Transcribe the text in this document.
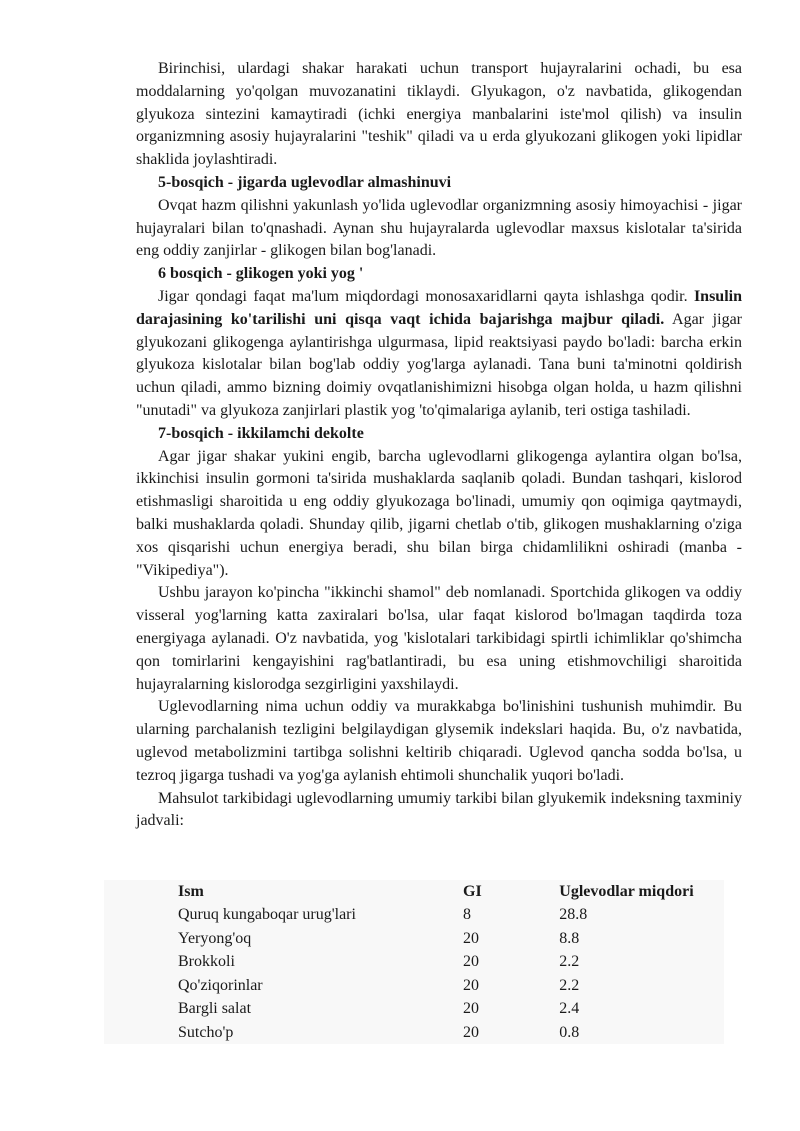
Birinchisi, ulardagi shakar harakati uchun transport hujayralarini ochadi, bu esa moddalarning yo'qolgan muvozanatini tiklaydi. Glyukagon, o'z navbatida, glikogendan glyukoza sintezini kamaytiradi (ichki energiya manbalarini iste'mol qilish) va insulin organizmning asosiy hujayralarini "teshik" qiladi va u erda glyukozani glikogen yoki lipidlar shaklida joylashtiradi.

5-bosqich - jigarda uglevodlar almashinuvi

Ovqat hazm qilishni yakunlash yo'lida uglevodlar organizmning asosiy himoyachisi - jigar hujayralari bilan to'qnashadi. Aynan shu hujayralarda uglevodlar maxsus kislotalar ta'sirida eng oddiy zanjirlar - glikogen bilan bog'lanadi.

6 bosqich - glikogen yoki yog '

Jigar qondagi faqat ma'lum miqdordagi monosaxaridlarni qayta ishlashga qodir. Insulin darajasining ko'tarilishi uni qisqa vaqt ichida bajarishga majbur qiladi. Agar jigar glyukozani glikogenga aylantirishga ulgurmasa, lipid reaktsiyasi paydo bo'ladi: barcha erkin glyukoza kislotalar bilan bog'lab oddiy yog'larga aylanadi. Tana buni ta'minotni qoldirish uchun qiladi, ammo bizning doimiy ovqatlanishimizni hisobga olgan holda, u hazm qilishni "unutadi" va glyukoza zanjirlari plastik yog 'to'qimalariga aylanib, teri ostiga tashiladi.

7-bosqich - ikkilamchi dekolte

Agar jigar shakar yukini engib, barcha uglevodlarni glikogenga aylantira olgan bo'lsa, ikkinchisi insulin gormoni ta'sirida mushaklarda saqlanib qoladi. Bundan tashqari, kislorod etishmasligi sharoitida u eng oddiy glyukozaga bo'linadi, umumiy qon oqimiga qaytmaydi, balki mushaklarda qoladi. Shunday qilib, jigarni chetlab o'tib, glikogen mushaklarning o'ziga xos qisqarishi uchun energiya beradi, shu bilan birga chidamlilikni oshiradi (manba - "Vikipediya").

Ushbu jarayon ko'pincha "ikkinchi shamol" deb nomlanadi. Sportchida glikogen va oddiy visseral yog'larning katta zaxiralari bo'lsa, ular faqat kislorod bo'lmagan taqdirda toza energiyaga aylanadi. O'z navbatida, yog 'kislotalari tarkibidagi spirtli ichimliklar qo'shimcha qon tomirlarini kengayishini rag'batlantiradi, bu esa uning etishmovchiligi sharoitida hujayralarning kislorodga sezgirligini yaxshilaydi.

Uglevodlarning nima uchun oddiy va murakkabga bo'linishini tushunish muhimdir. Bu ularning parchalanish tezligini belgilaydigan glysemik indekslari haqida. Bu, o'z navbatida, uglevod metabolizmini tartibga solishni keltirib chiqaradi. Uglevod qancha sodda bo'lsa, u tezroq jigarga tushadi va yog'ga aylanish ehtimoli shunchalik yuqori bo'ladi.

Mahsulot tarkibidagi uglevodlarning umumiy tarkibi bilan glyukemik indeksning taxminiy jadvali:

Ism	GI	Uglevodlar miqdori
Quruq kungaboqar urug'lari	8	28.8
Yeryong'oq	20	8.8
Brokkoli	20	2.2
Qo'ziqorinlar	20	2.2
Bargli salat	20	2.4
Sutcho'p	20	0.8
